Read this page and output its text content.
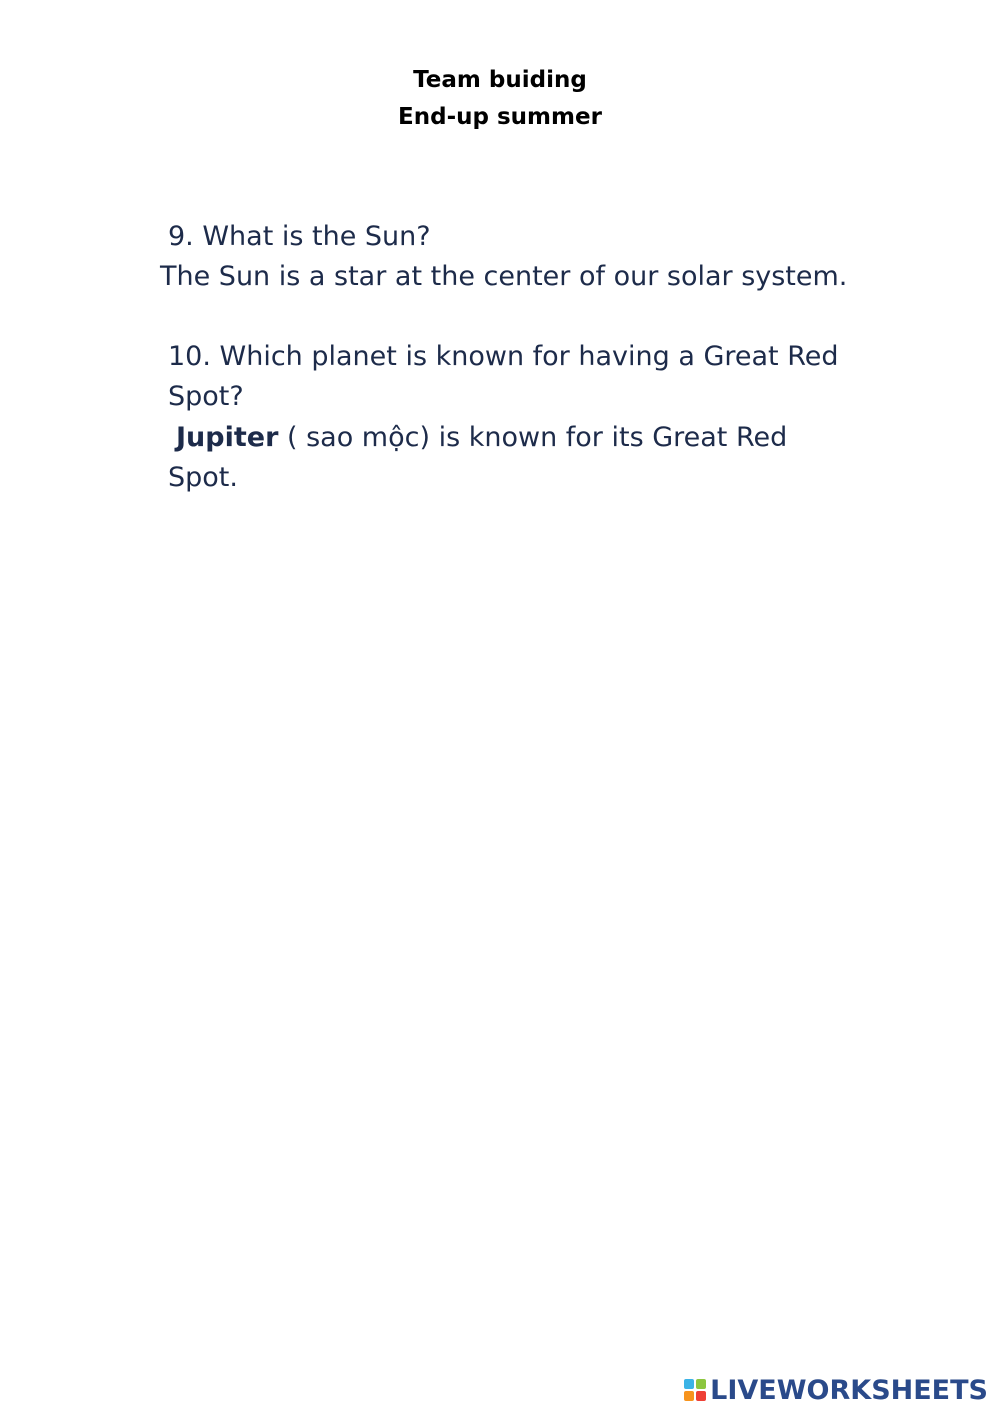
Team buiding
End-up summer
9. What is the Sun?
The Sun is a star at the center of our solar system.
10. Which planet is known for having a Great Red
Spot?
Jupiter ( sao mộc) is known for its Great Red
Spot.
LIVEWORKSHEETS
